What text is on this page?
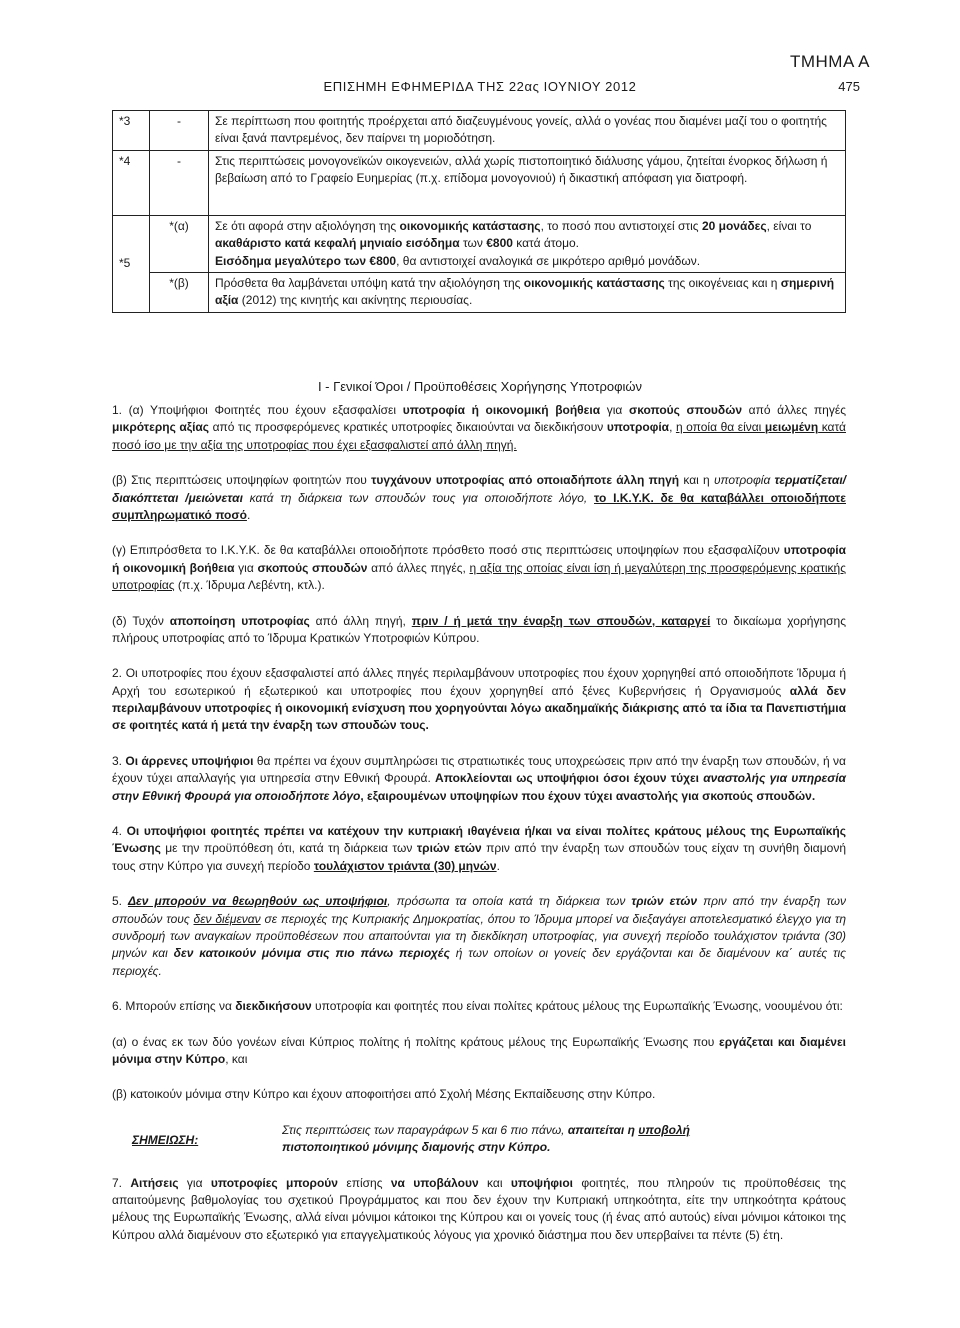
ΤΜΗΜΑ Α
ΕΠΙΣΗΜΗ ΕΦΗΜΕΡΙΔΑ ΤΗΣ 22ας ΙΟΥΝΙΟΥ 2012	475
*3	-	Σε περίπτωση που φοιτητής προέρχεται από διαζευγμένους γονείς, αλλά ο γονέας που διαμένει μαζί του ο φοιτητής είναι ξανά παντρεμένος, δεν παίρνει τη μοριοδότηση.
*4	-	Στις περιπτώσεις μονογονεϊκών οικογενειών, αλλά χωρίς πιστοποιητικό διάλυσης γάμου, ζητείται ένορκος δήλωση ή βεβαίωση από το Γραφείο Ευημερίας (π.χ. επίδομα μονογονιού) ή δικαστική απόφαση για διατροφή.
*5	*(α)	Σε ότι αφορά στην αξιολόγηση της οικονομικής κατάστασης, το ποσό που αντιστοιχεί στις 20 μονάδες, είναι το ακαθάριστο κατά κεφαλή μηνιαίο εισόδημα των €800 κατά άτομο.
Εισόδημα μεγαλύτερο των €800, θα αντιστοιχεί αναλογικά σε μικρότερο αριθμό μονάδων.
	*(β)	Πρόσθετα θα λαμβάνεται υπόψη κατά την αξιολόγηση της οικονομικής κατάστασης της οικογένειας και η σημερινή αξία (2012) της κινητής και ακίνητης περιουσίας.
Ι - Γενικοί Όροι / Προϋποθέσεις Χορήγησης Υποτροφιών

1. (α) Υποψήφιοι Φοιτητές που έχουν εξασφαλίσει υποτροφία ή οικονομική βοήθεια για σκοπούς σπουδών από άλλες πηγές μικρότερης αξίας από τις προσφερόμενες κρατικές υποτροφίες δικαιούνται να διεκδικήσουν υποτροφία, η οποία θα είναι μειωμένη κατά ποσό ίσο με την αξία της υποτροφίας που έχει εξασφαλιστεί από άλλη πηγή.

(β) Στις περιπτώσεις υποψηφίων φοιτητών που τυγχάνουν υποτροφίας από οποιαδήποτε άλλη πηγή και η υποτροφία τερματίζεται/διακόπτεται /μειώνεται κατά τη διάρκεια των σπουδών τους για οποιοδήποτε λόγο, το Ι.Κ.Υ.Κ. δε θα καταβάλλει οποιοδήποτε συμπληρωματικό ποσό.

(γ) Επιπρόσθετα το Ι.Κ.Υ.Κ. δε θα καταβάλλει οποιοδήποτε πρόσθετο ποσό στις περιπτώσεις υποψηφίων που εξασφαλίζουν υποτροφία ή οικονομική βοήθεια για σκοπούς σπουδών από άλλες πηγές, η αξία της οποίας είναι ίση ή μεγαλύτερη της προσφερόμενης κρατικής υποτροφίας (π.χ. Ίδρυμα Λεβέντη, κτλ.).

(δ) Τυχόν αποποίηση υποτροφίας από άλλη πηγή, πριν / ή μετά την έναρξη των σπουδών, καταργεί το δικαίωμα χορήγησης πλήρους υποτροφίας από το Ίδρυμα Κρατικών Υποτροφιών Κύπρου.

2. Οι υποτροφίες που έχουν εξασφαλιστεί από άλλες πηγές περιλαμβάνουν υποτροφίες που έχουν χορηγηθεί από οποιοδήποτε Ίδρυμα ή Αρχή του εσωτερικού ή εξωτερικού και υποτροφίες που έχουν χορηγηθεί από ξένες Κυβερνήσεις ή Οργανισμούς αλλά δεν περιλαμβάνουν υποτροφίες ή οικονομική ενίσχυση που χορηγούνται λόγω ακαδημαϊκής διάκρισης από τα ίδια τα Πανεπιστήμια σε φοιτητές κατά ή μετά την έναρξη των σπουδών τους.

3. Οι άρρενες υποψήφιοι θα πρέπει να έχουν συμπληρώσει τις στρατιωτικές τους υποχρεώσεις πριν από την έναρξη των σπουδών, ή να έχουν τύχει απαλλαγής για υπηρεσία στην Εθνική Φρουρά. Αποκλείονται ως υποψήφιοι όσοι έχουν τύχει αναστολής για υπηρεσία στην Εθνική Φρουρά για οποιοδήποτε λόγο, εξαιρουμένων υποψηφίων που έχουν τύχει αναστολής για σκοπούς σπουδών.

4. Οι υποψήφιοι φοιτητές πρέπει να κατέχουν την κυπριακή ιθαγένεια ή/και να είναι πολίτες κράτους μέλους της Ευρωπαϊκής Ένωσης με την προϋπόθεση ότι, κατά τη διάρκεια των τριών ετών πριν από την έναρξη των σπουδών τους είχαν τη συνήθη διαμονή τους στην Κύπρο για συνεχή περίοδο τουλάχιστον τριάντα (30) μηνών.

5. Δεν μπορούν να θεωρηθούν ως υποψήφιοι, πρόσωπα τα οποία κατά τη διάρκεια των τριών ετών πριν από την έναρξη των σπουδών τους δεν διέμεναν σε περιοχές της Κυπριακής Δημοκρατίας, όπου το Ίδρυμα μπορεί να διεξαγάγει αποτελεσματικό έλεγχο για τη συνδρομή των αναγκαίων προϋποθέσεων που απαιτούνται για τη διεκδίκηση υποτροφίας, για συνεχή περίοδο τουλάχιστον τριάντα (30) μηνών και δεν κατοικούν μόνιμα στις πιο πάνω περιοχές ή των οποίων οι γονείς δεν εργάζονται και δε διαμένουν κα΄ αυτές τις περιοχές.

6. Μπορούν επίσης να διεκδικήσουν υποτροφία και φοιτητές που είναι πολίτες κράτους μέλους της Ευρωπαϊκής Ένωσης, νοουμένου ότι:

(α) ο ένας εκ των δύο γονέων είναι Κύπριος πολίτης ή πολίτης κράτους μέλους της Ευρωπαϊκής Ένωσης που εργάζεται και διαμένει μόνιμα στην Κύπρο, και

(β) κατοικούν μόνιμα στην Κύπρο και έχουν αποφοιτήσει από Σχολή Μέσης Εκπαίδευσης στην Κύπρο.

ΣΗΜΕΙΩΣΗ:
Στις περιπτώσεις των παραγράφων 5 και 6 πιο πάνω, απαιτείται η υποβολή
πιστοποιητικού μόνιμης διαμονής στην Κύπρο.

7. Αιτήσεις για υποτροφίες μπορούν επίσης να υποβάλουν και υποψήφιοι φοιτητές, που πληρούν τις προϋποθέσεις της απαιτούμενης βαθμολογίας του σχετικού Προγράμματος και που δεν έχουν την Κυπριακή υπηκοότητα, είτε την υπηκοότητα κράτους μέλους της Ευρωπαϊκής Ένωσης, αλλά είναι μόνιμοι κάτοικοι της Κύπρου και οι γονείς τους (ή ένας από αυτούς) είναι μόνιμοι κάτοικοι της Κύπρου αλλά διαμένουν στο εξωτερικό για επαγγελματικούς λόγους για χρονικό διάστημα που δεν υπερβαίνει τα πέντε (5) έτη.
